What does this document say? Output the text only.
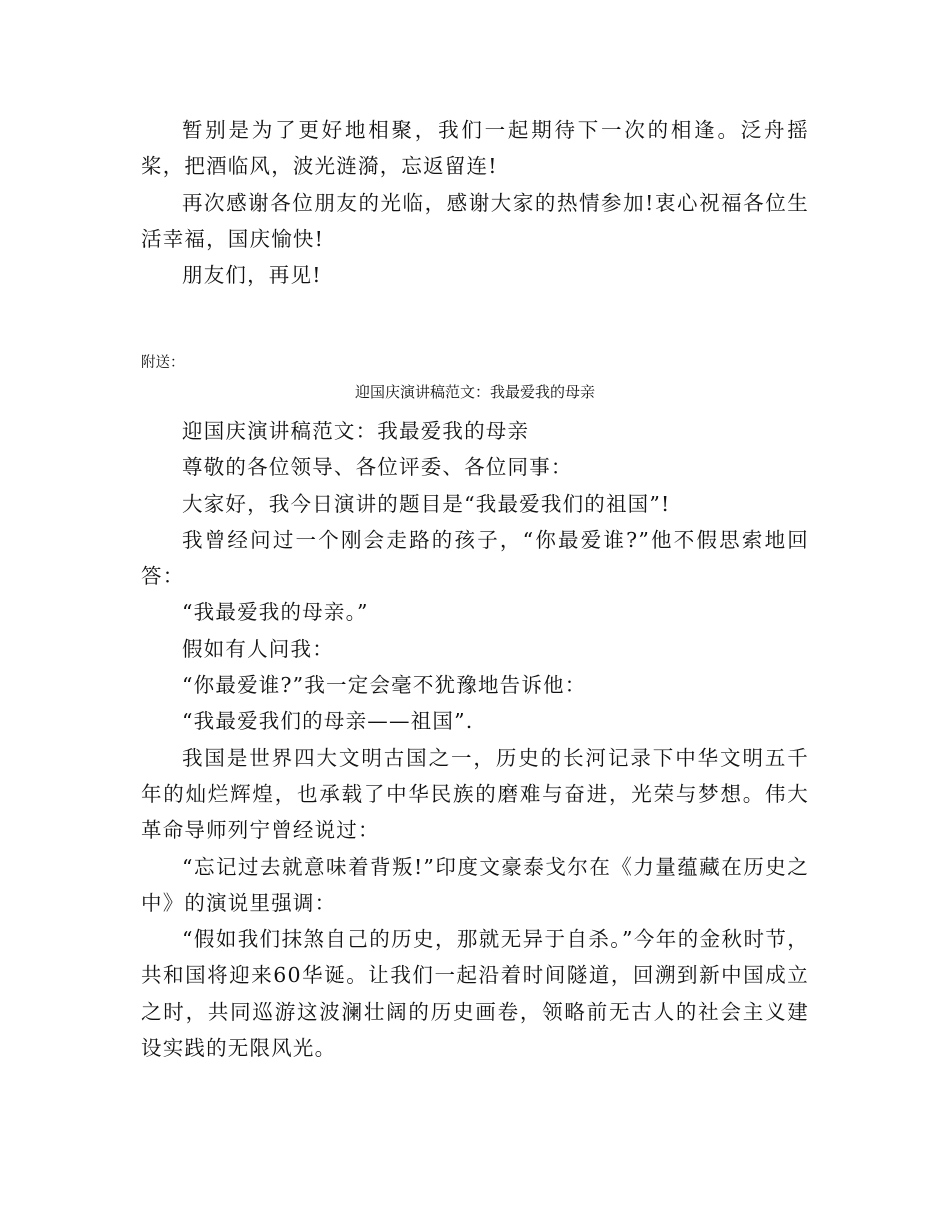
暂别是为了更好地相聚，我们一起期待下一次的相逢。泛舟摇桨，把酒临风，波光涟漪，忘返留连!

再次感谢各位朋友的光临，感谢大家的热情参加!衷心祝福各位生活幸福，国庆愉快!

朋友们，再见!

附送：

迎国庆演讲稿范文：我最爱我的母亲

迎国庆演讲稿范文：我最爱我的母亲

尊敬的各位领导、各位评委、各位同事：

大家好，我今日演讲的题目是“我最爱我们的祖国”!

我曾经问过一个刚会走路的孩子，“你最爱谁?”他不假思索地回答：

“我最爱我的母亲。”

假如有人问我：

“你最爱谁?”我一定会毫不犹豫地告诉他：

“我最爱我们的母亲——祖国”.

我国是世界四大文明古国之一，历史的长河记录下中华文明五千年的灿烂辉煌，也承载了中华民族的磨难与奋进，光荣与梦想。伟大革命导师列宁曾经说过：

“忘记过去就意味着背叛!”印度文豪泰戈尔在《力量蕴藏在历史之中》的演说里强调：

“假如我们抹煞自己的历史，那就无异于自杀。”今年的金秋时节，共和国将迎来60华诞。让我们一起沿着时间隧道，回溯到新中国成立之时，共同巡游这波澜壮阔的历史画卷，领略前无古人的社会主义建设实践的无限风光。
